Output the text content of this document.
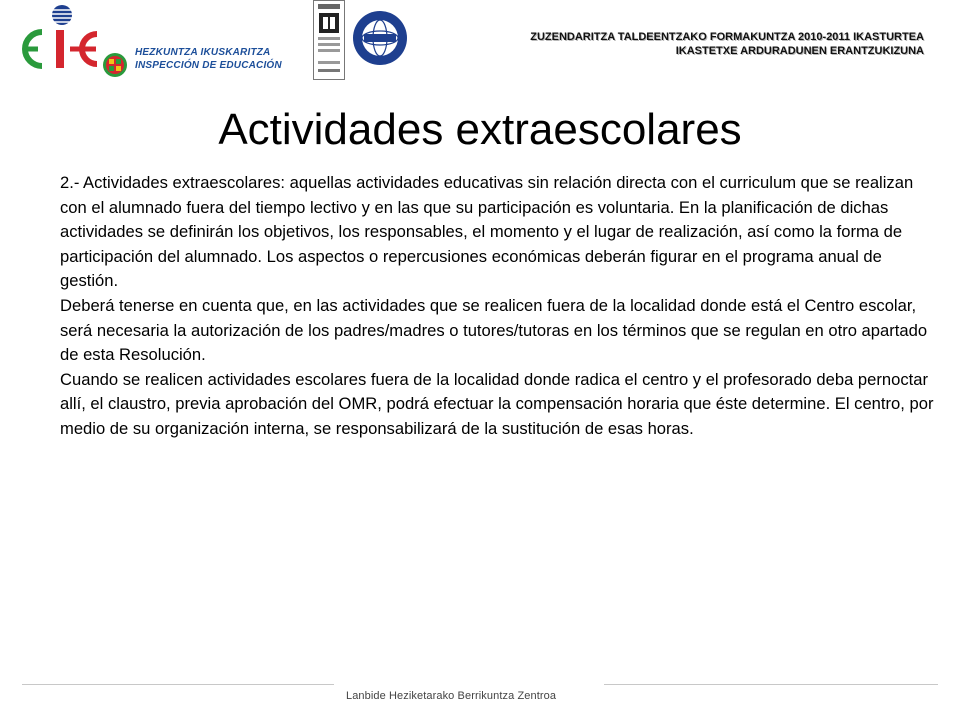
HEZKUNTZA IKUSKARITZA
INSPECCIÓN DE EDUCACIÓN
ZUZENDARITZA TALDEENTZAKO FORMAKUNTZA 2010-2011 IKASTURTEA
IKASTETXE ARDURADUNEN ERANTZUKIZUNA
Actividades extraescolares

2.- Actividades extraescolares: aquellas actividades educativas sin relación directa con el curriculum que se realizan con el alumnado fuera del tiempo lectivo y en las que su participación es voluntaria. En la planificación de dichas actividades se definirán los objetivos, los responsables, el momento y el lugar de realización, así como la forma de participación del alumnado. Los aspectos o repercusiones económicas deberán figurar en el programa anual de gestión.

Deberá tenerse en cuenta que, en las actividades que se realicen fuera de la localidad donde está el Centro escolar, será necesaria la autorización de los padres/madres o tutores/tutoras en los términos que se regulan en otro apartado de esta Resolución.

Cuando se realicen actividades escolares fuera de la localidad donde radica el centro y el profesorado deba pernoctar allí, el claustro, previa aprobación del OMR, podrá efectuar la compensación horaria que éste determine. El centro, por medio de su organización interna, se responsabilizará de la sustitución de esas horas.

Lanbide Heziketarako Berrikuntza Zentroa
